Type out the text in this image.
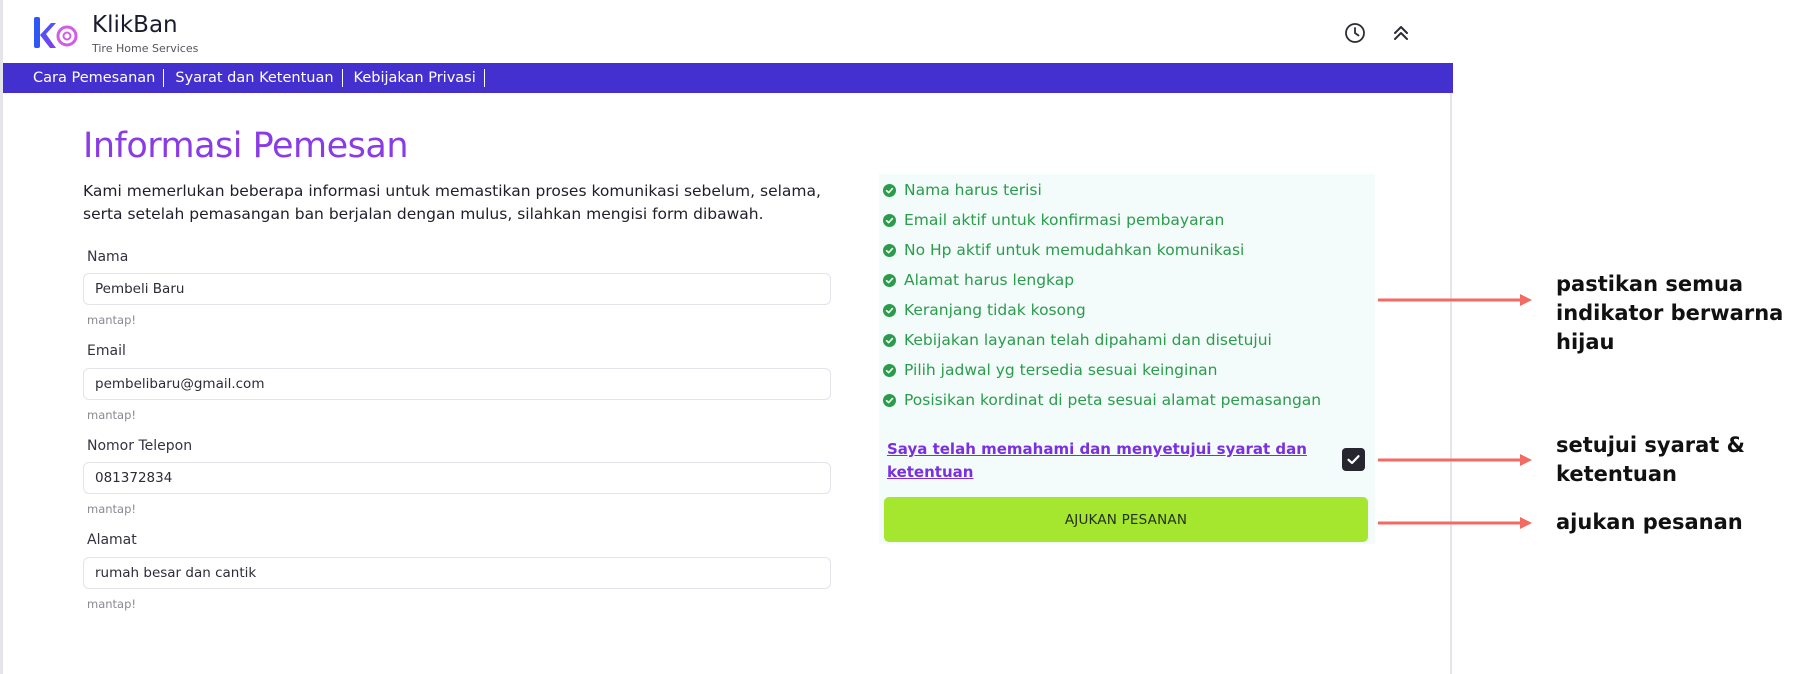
KlikBan
Tire Home Services
Cara Pemesanan	Syarat dan Ketentuan	Kebijakan Privasi
Informasi Pemesan
Kami memerlukan beberapa informasi untuk memastikan proses komunikasi sebelum, selama, serta setelah pemasangan ban berjalan dengan mulus, silahkan mengisi form dibawah.
Nama
Pembeli Baru
mantap!
Email
pembelibaru@gmail.com
mantap!
Nomor Telepon
081372834
mantap!
Alamat
rumah besar dan cantik
mantap!
Nama harus terisi
Email aktif untuk konfirmasi pembayaran
No Hp aktif untuk memudahkan komunikasi
Alamat harus lengkap
Keranjang tidak kosong
Kebijakan layanan telah dipahami dan disetujui
Pilih jadwal yg tersedia sesuai keinginan
Posisikan kordinat di peta sesuai alamat pemasangan
Saya telah memahami dan menyetujui syarat dan ketentuan
AJUKAN PESANAN
pastikan semua indikator berwarna hijau
setujui syarat & ketentuan
ajukan pesanan
